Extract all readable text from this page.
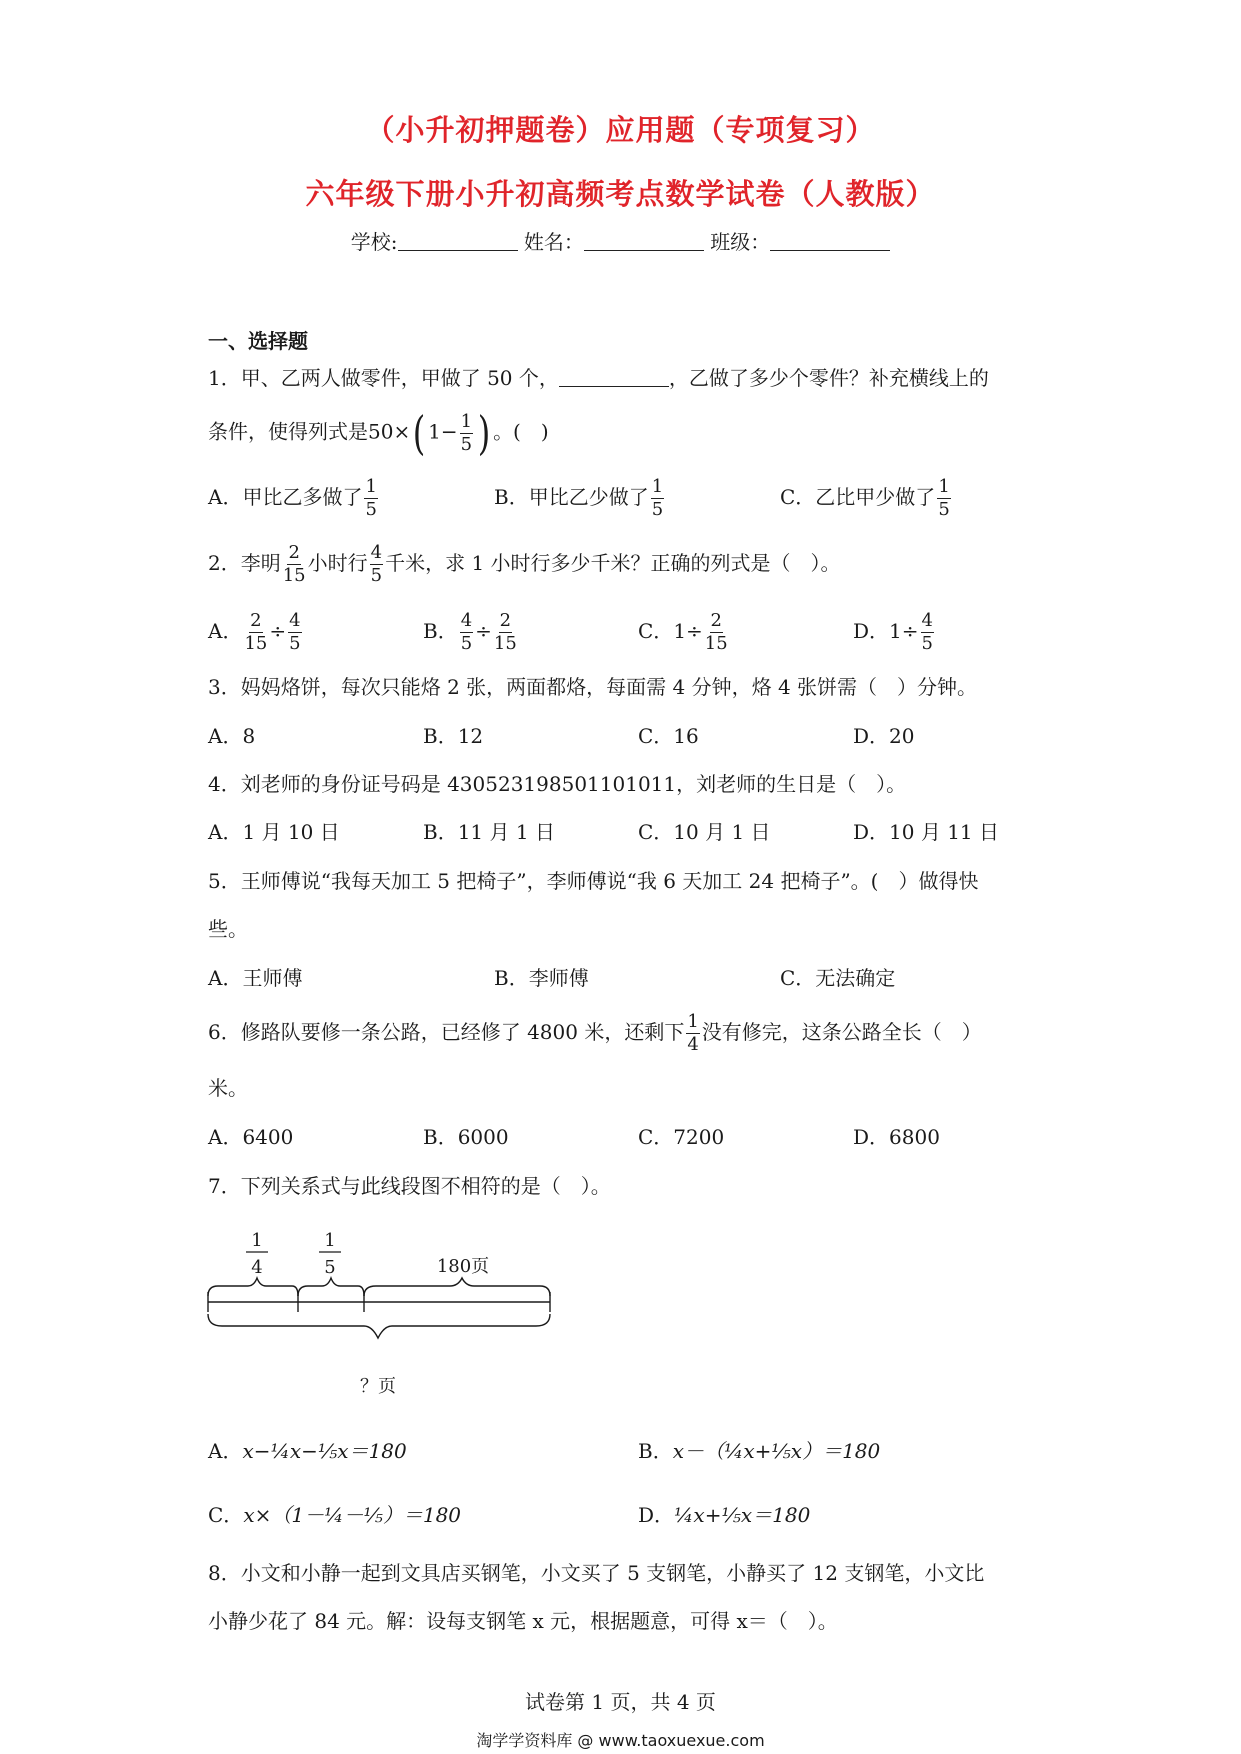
（小升初押题卷）应用题（专项复习）
六年级下册小升初高频考点数学试卷（人教版）
学校:	姓名：	班级：
一、选择题
1．甲、乙两人做零件，甲做了 50 个，	，乙做了多少个零件？补充横线上的
条件，使得列式是50×( $1- \frac{1}{5}$ ) 。(　)
A．甲比乙多做了 $\frac{1}{5}$	B．甲比乙少做了 $\frac{1}{5}$	C．乙比甲少做了 $\frac{1}{5}$
2．李明 $\frac{2}{15}$ 小时行 $\frac{4}{5}$ 千米，求 1 小时行多少千米？正确的列式是（　）。
A． $\frac{2}{15} \div \frac{4}{5}$	B． $\frac{4}{5} \div \frac{2}{15}$	C．$1\div \frac{2}{15}$	D．$1\div \frac{4}{5}$
3．妈妈烙饼，每次只能烙 2 张，两面都烙，每面需 4 分钟，烙 4 张饼需（　）分钟。
A．8	B．12	C．16	D．20
4．刘老师的身份证号码是 430523198501101011，刘老师的生日是（　）。
A．1 月 10 日	B．11 月 1 日	C．10 月 1 日	D．10 月 11 日
5．王师傅说“我每天加工 5 把椅子”，李师傅说“我 6 天加工 24 把椅子”。(　）做得快
些。
A．王师傅	B．李师傅	C．无法确定
6．修路队要修一条公路，已经修了 4800 米，还剩下 $\frac{1}{4}$ 没有修完，这条公路全长（　）
米。
A．6400	B．6000	C．7200	D．6800
7．下列关系式与此线段图不相符的是（　）。
1
4
1
5	180页
？页
A．x−¼x−⅕x＝180	B．x－（¼x+⅕x）＝180
C．x×（1－¼－⅕）＝180	D．¼x+⅕x＝180
8．小文和小静一起到文具店买钢笔，小文买了 5 支钢笔，小静买了 12 支钢笔，小文比
小静少花了 84 元。解：设每支钢笔 x 元，根据题意，可得 x＝（　）。
试卷第 1 页，共 4 页
淘学学资料库 @ www.taoxuexue.com
